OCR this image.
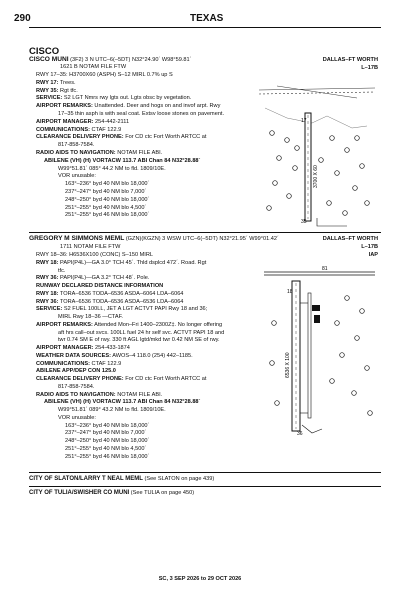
290	TEXAS
CISCO
CISCO MUNI (3F2) 3 N UTC–6(–5DT) N32°24.90´ W98°59.81´	DALLAS–FT WORTH
1621 B NOTAM FILE FTW	L–17B
RWY 17–35: H3700X60 (ASPH) S–12 MIRL 0.7% up S
RWY 17: Trees.
RWY 35: Rgt tfc.
SERVICE: S2 LGT Nmrs rwy lgts out. Lgts obsc by vegetation.
AIRPORT REMARKS: Unattended. Deer and hogs on and invof arpt. Rwy
17–35 thin asph is with seal coat. Extsv loose stones on pavement.
AIRPORT MANAGER: 254-442-2111
COMMUNICATIONS: CTAF 122.9
CLEARANCE DELIVERY PHONE: For CD ctc Fort Worth ARTCC at
817-858-7584.
RADIO AIDS TO NAVIGATION: NOTAM FILE ABI.
ABILENE (VH) (H) VORTACW 113.7 ABI Chan 84 N32°28.88´
W99°51.81´ 085° 44.2 NM to fld. 1809/10E.
VOR unusable:
163°–236° byd 40 NM blo 18,000´
237°–247° byd 40 NM blo 7,000´
248°–250° byd 40 NM blo 18,000´
251°–255° byd 40 NM blo 4,500´
251°–255° byd 46 NM blo 18,000´
17
35
3700 X 60
GREGORY M SIMMONS MEML (GZN)(KGZN) 3 WSW UTC–6(–5DT) N32°21.95´ W99°01.42´	DALLAS–FT WORTH
1711 NOTAM FILE FTW	L–17B
IAP
RWY 18–36: H6536X100 (CONC) S–150 MIRL
RWY 18: PAPI(P4L)—GA 3.0° TCH 45´. Thld dsplcd 472´. Road. Rgt
tfc.
RWY 36: PAPI(P4L)—GA 3.2° TCH 48´. Pole.
RUNWAY DECLARED DISTANCE INFORMATION
RWY 18: TORA–6536 TODA–6536 ASDA–6064 LDA–6064
RWY 36: TORA–6536 TODA–6536 ASDA–6536 LDA–6064
SERVICE: S2 FUEL 100LL, JET A LGT ACTVT PAPI Rwy 18 and 36;
MIRL Rwy 18–36 —CTAF.
AIRPORT REMARKS: Attended Mon–Fri 1400–2300Z‡. No longer offering
aft hrs call–out svcs. 100LL fuel 24 hr self svc. ACTVT PAPI 18 and
twr 0.74 SM E of rwy. 330 ft AGL lgtd/mkd twr 0.42 NM SE of rwy.
AIRPORT MANAGER: 254-433-1874
WEATHER DATA SOURCES: AWOS–4 118.0 (254) 442–1185.
COMMUNICATIONS: CTAF 122.9
ABILENE APP/DEP CON 125.0
CLEARANCE DELIVERY PHONE: For CD ctc Fort Worth ARTCC at
817-858-7584.
RADIO AIDS TO NAVIGATION: NOTAM FILE ABI.
ABILENE (VH) (H) VORTACW 113.7 ABI Chan 84 N32°28.88´
W99°51.81´ 089° 43.2 NM to fld. 1809/10E.
VOR unusable:
163°–236° byd 40 NM blo 18,000´
237°–247° byd 40 NM blo 7,000´
248°–250° byd 40 NM blo 18,000´
251°–255° byd 40 NM blo 4,500´
251°–255° byd 46 NM blo 18,000´
81
18
36
6536 X 100
CITY OF SLATON/LARRY T NEAL MEML (See SLATON on page 439)
CITY OF TULIA/SWISHER CO MUNI (See TULIA on page 450)
SC, 3 SEP 2026 to 29 OCT 2026
